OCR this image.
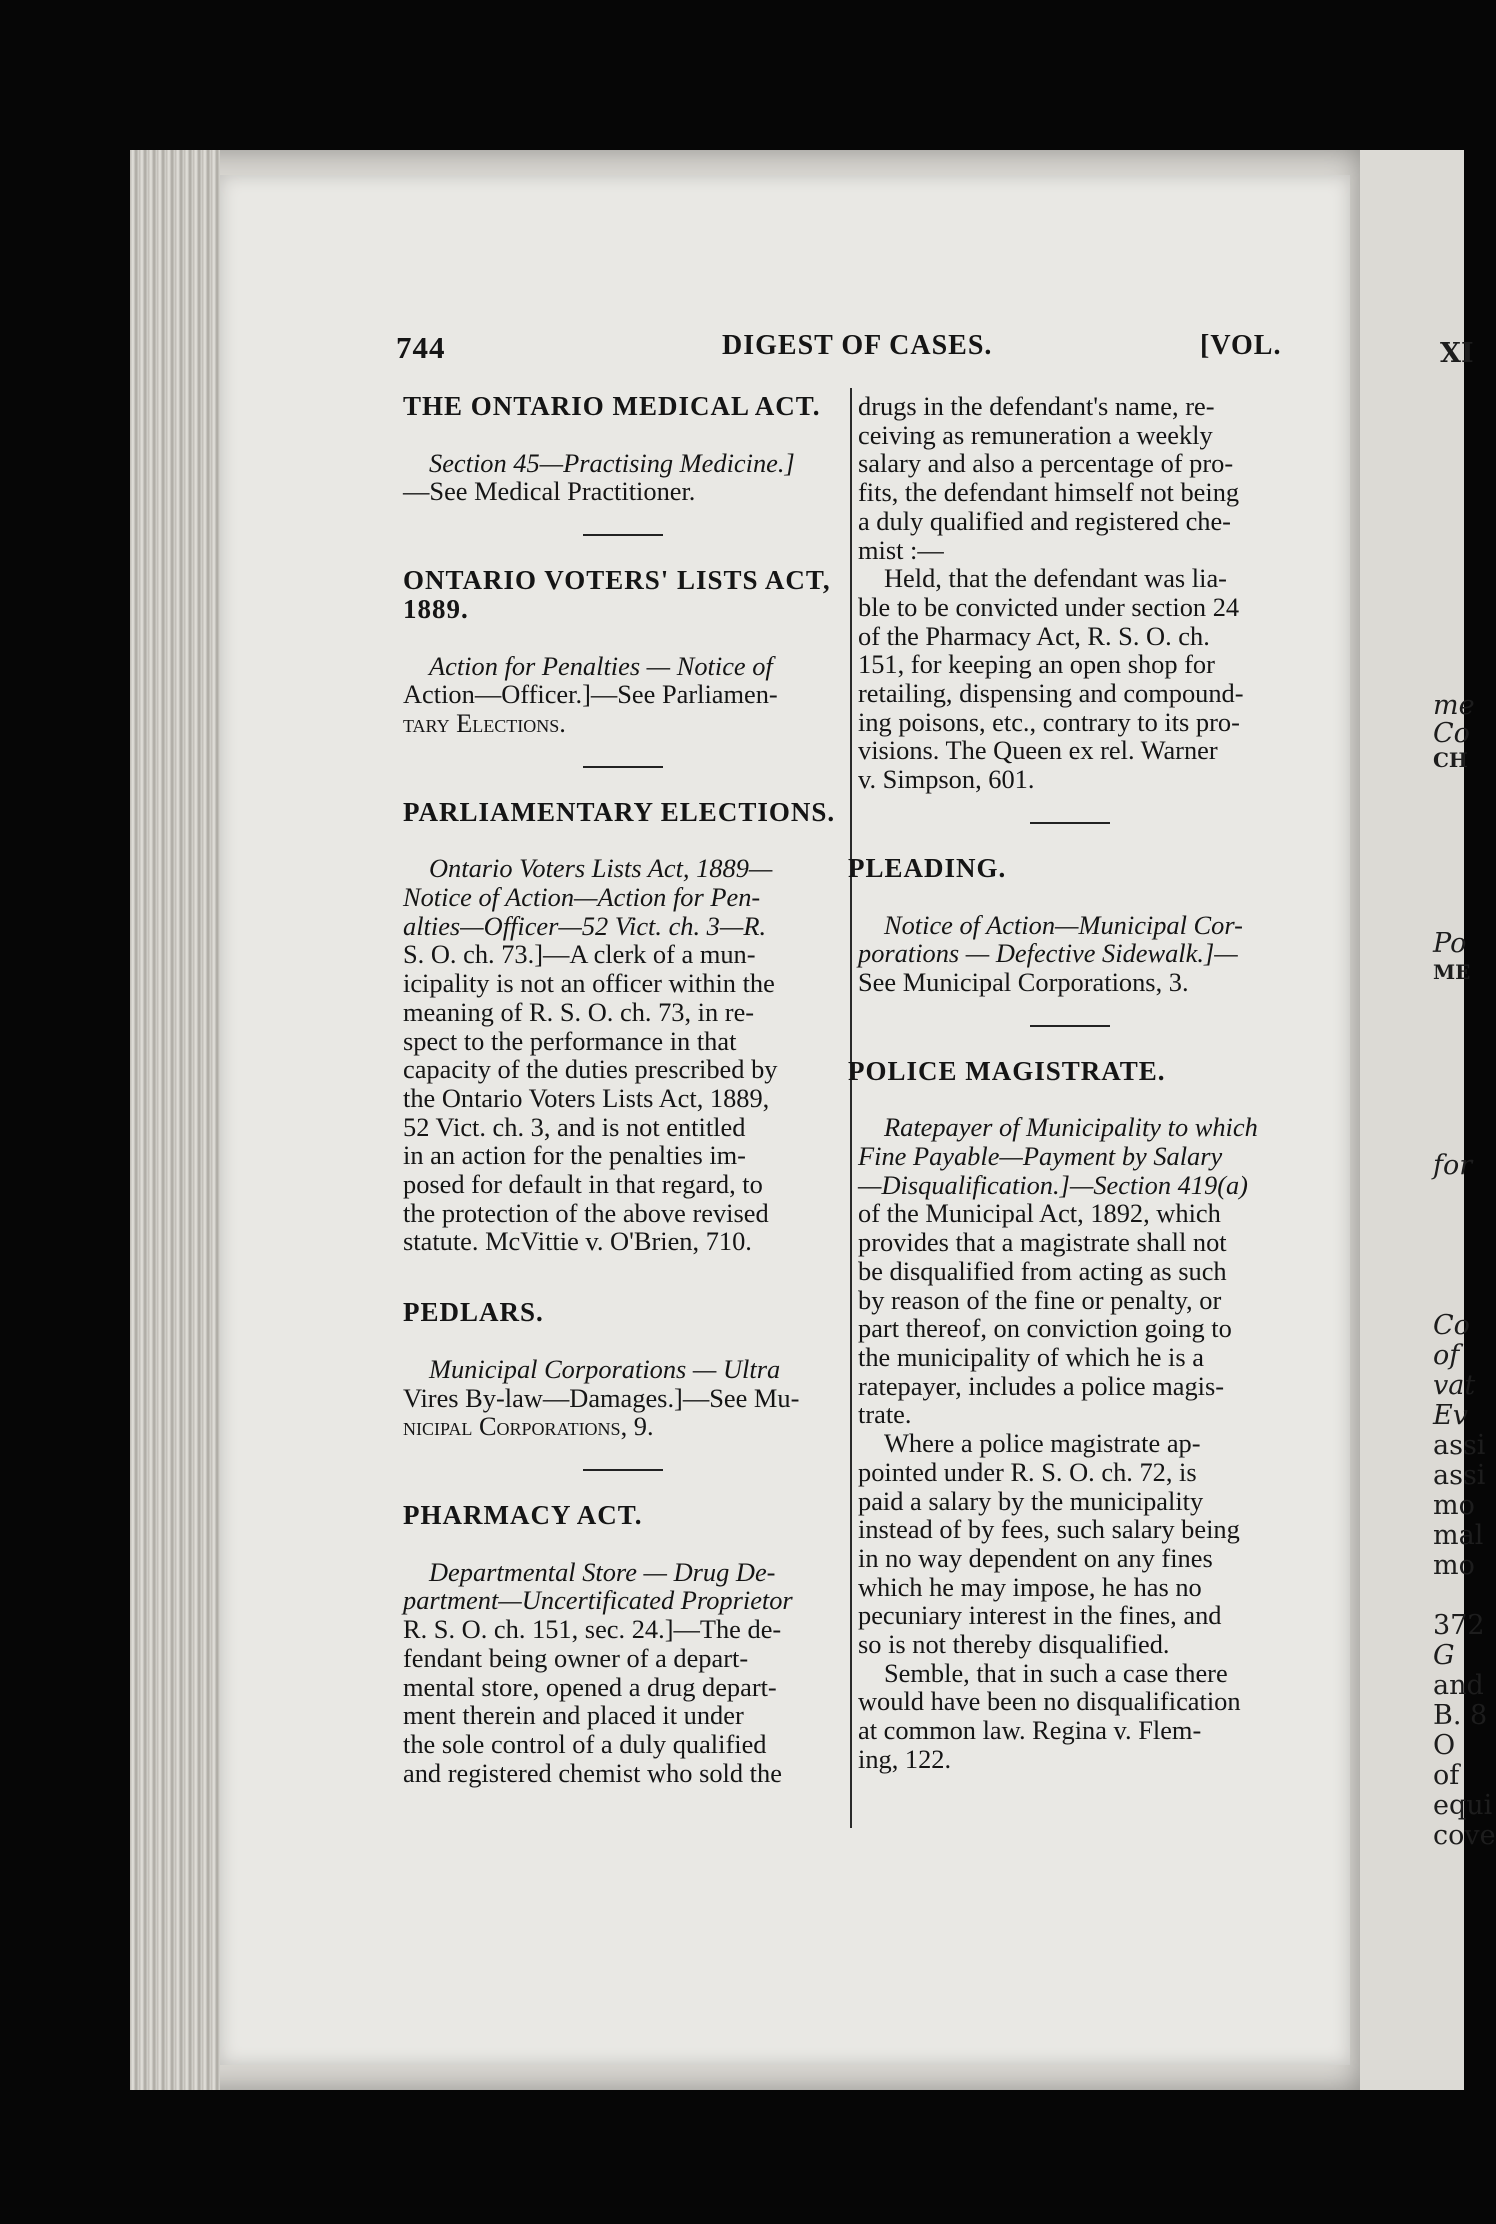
744	DIGEST OF CASES.	[VOL.

THE ONTARIO MEDICAL ACT.

Section 45—Practising Medicine.]
—See Medical Practitioner.

ONTARIO VOTERS' LISTS ACT,
1889.

Action for Penalties — Notice of
Action—Officer.]—See Parliamen-
tary Elections.

PARLIAMENTARY ELECTIONS.

Ontario Voters Lists Act, 1889—
Notice of Action—Action for Pen-
alties—Officer—52 Vict. ch. 3—R.
S. O. ch. 73.]—A clerk of a mun-
icipality is not an officer within the
meaning of R. S. O. ch. 73, in re-
spect to the performance in that
capacity of the duties prescribed by
the Ontario Voters Lists Act, 1889,
52 Vict. ch. 3, and is not entitled
in an action for the penalties im-
posed for default in that regard, to
the protection of the above revised
statute. McVittie v. O'Brien, 710.

PEDLARS.

Municipal Corporations — Ultra
Vires By-law—Damages.]—See Mu-
nicipal Corporations, 9.

PHARMACY ACT.

Departmental Store — Drug De-
partment—Uncertificated Proprietor
R. S. O. ch. 151, sec. 24.]—The de-
fendant being owner of a depart-
mental store, opened a drug depart-
ment therein and placed it under
the sole control of a duly qualified
and registered chemist who sold the

drugs in the defendant's name, re-
ceiving as remuneration a weekly
salary and also a percentage of pro-
fits, the defendant himself not being
a duly qualified and registered che-
mist :—

Held, that the defendant was lia-
ble to be convicted under section 24
of the Pharmacy Act, R. S. O. ch.
151, for keeping an open shop for
retailing, dispensing and compound-
ing poisons, etc., contrary to its pro-
visions. The Queen ex rel. Warner
v. Simpson, 601.

PLEADING.

Notice of Action—Municipal Cor-
porations — Defective Sidewalk.]—
See Municipal Corporations, 3.

POLICE MAGISTRATE.

Ratepayer of Municipality to which
Fine Payable—Payment by Salary
—Disqualification.]—Section 419(a)
of the Municipal Act, 1892, which
provides that a magistrate shall not
be disqualified from acting as such
by reason of the fine or penalty, or
part thereof, on conviction going to
the municipality of which he is a
ratepayer, includes a police magis-
trate.

Where a police magistrate ap-
pointed under R. S. O. ch. 72, is
paid a salary by the municipality
instead of by fees, such salary being
in no way dependent on any fines
which he may impose, he has no
pecuniary interest in the fines, and
so is not thereby disqualified.

Semble, that in such a case there
would have been no disqualification
at common law. Regina v. Flem-
ing, 122.

XI
me
Co
CH
Po
ME
for
Co
of
vat
Ev
assi
assi
mo
mal
mo
372
G
and
B. 8
O
of
equi
cove
